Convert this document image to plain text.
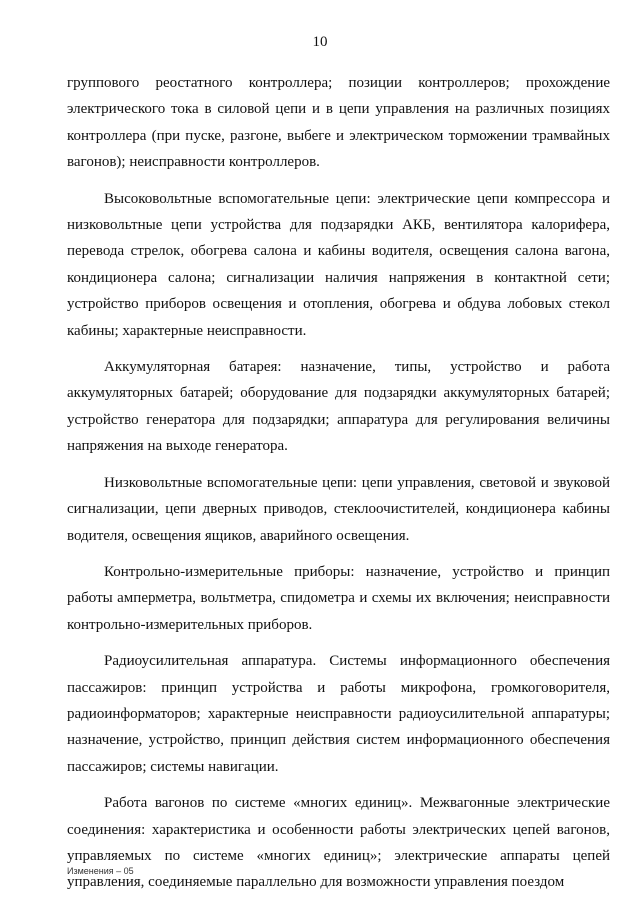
10

группового реостатного контроллера; позиции контроллеров; прохождение электрического тока в силовой цепи и в цепи управления на различных позициях контроллера (при пуске, разгоне, выбеге и электрическом торможении трамвайных вагонов); неисправности контроллеров.

Высоковольтные вспомогательные цепи: электрические цепи компрессора и низковольтные цепи устройства для подзарядки АКБ, вентилятора калорифера, перевода стрелок, обогрева салона и кабины водителя, освещения салона вагона, кондиционера салона; сигнализации наличия напряжения в контактной сети; устройство приборов освещения и отопления, обогрева и обдува лобовых стекол кабины; характерные неисправности.

Аккумуляторная батарея: назначение, типы, устройство и работа аккумуляторных батарей; оборудование для подзарядки аккумуляторных батарей; устройство генератора для подзарядки; аппаратура для регулирования величины напряжения на выходе генератора.

Низковольтные вспомогательные цепи: цепи управления, световой и звуковой сигнализации, цепи дверных приводов, стеклоочистителей, кондиционера кабины водителя, освещения ящиков, аварийного освещения.

Контрольно-измерительные приборы: назначение, устройство и принцип работы амперметра, вольтметра, спидометра и схемы их включения; неисправности контрольно-измерительных приборов.

Радиоусилительная аппаратура. Системы информационного обеспечения пассажиров: принцип устройства и работы микрофона, громкоговорителя, радиоинформаторов; характерные неисправности радиоусилительной аппаратуры; назначение, устройство, принцип действия систем информационного обеспечения пассажиров; системы навигации.

Работа вагонов по системе «многих единиц». Межвагонные электрические соединения: характеристика и особенности работы электрических цепей вагонов, управляемых по системе «многих единиц»; электрические аппараты цепей управления, соединяемые параллельно для возможности управления поездом

Изменения – 05
